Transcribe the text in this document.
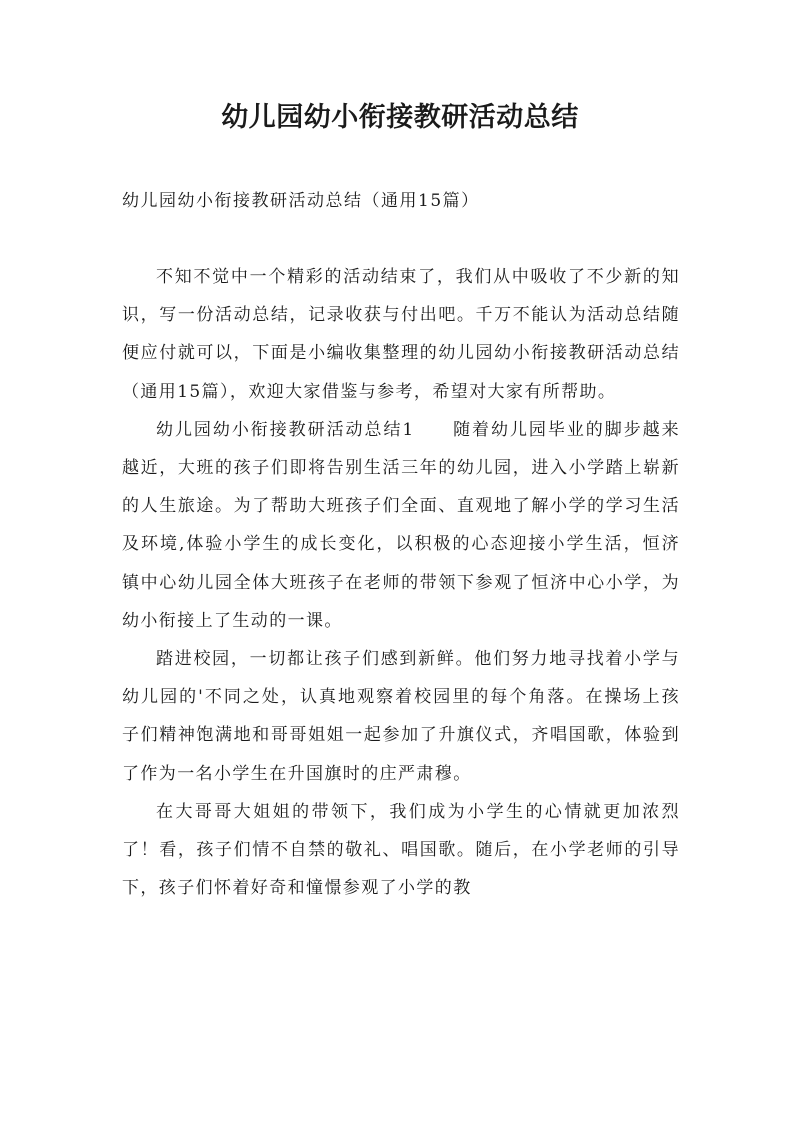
幼儿园幼小衔接教研活动总结
幼儿园幼小衔接教研活动总结（通用15篇）

不知不觉中一个精彩的活动结束了，我们从中吸收了不少新的知识，写一份活动总结，记录收获与付出吧。千万不能认为活动总结随便应付就可以，下面是小编收集整理的幼儿园幼小衔接教研活动总结（通用15篇），欢迎大家借鉴与参考，希望对大家有所帮助。

幼儿园幼小衔接教研活动总结1　　随着幼儿园毕业的脚步越来越近，大班的孩子们即将告别生活三年的幼儿园，进入小学踏上崭新的人生旅途。为了帮助大班孩子们全面、直观地了解小学的学习生活及环境,体验小学生的成长变化，以积极的心态迎接小学生活，恒济镇中心幼儿园全体大班孩子在老师的带领下参观了恒济中心小学，为幼小衔接上了生动的一课。

踏进校园，一切都让孩子们感到新鲜。他们努力地寻找着小学与幼儿园的'不同之处，认真地观察着校园里的每个角落。在操场上孩子们精神饱满地和哥哥姐姐一起参加了升旗仪式，齐唱国歌，体验到了作为一名小学生在升国旗时的庄严肃穆。

在大哥哥大姐姐的带领下，我们成为小学生的心情就更加浓烈了！看，孩子们情不自禁的敬礼、唱国歌。随后，在小学老师的引导下，孩子们怀着好奇和憧憬参观了小学的教
